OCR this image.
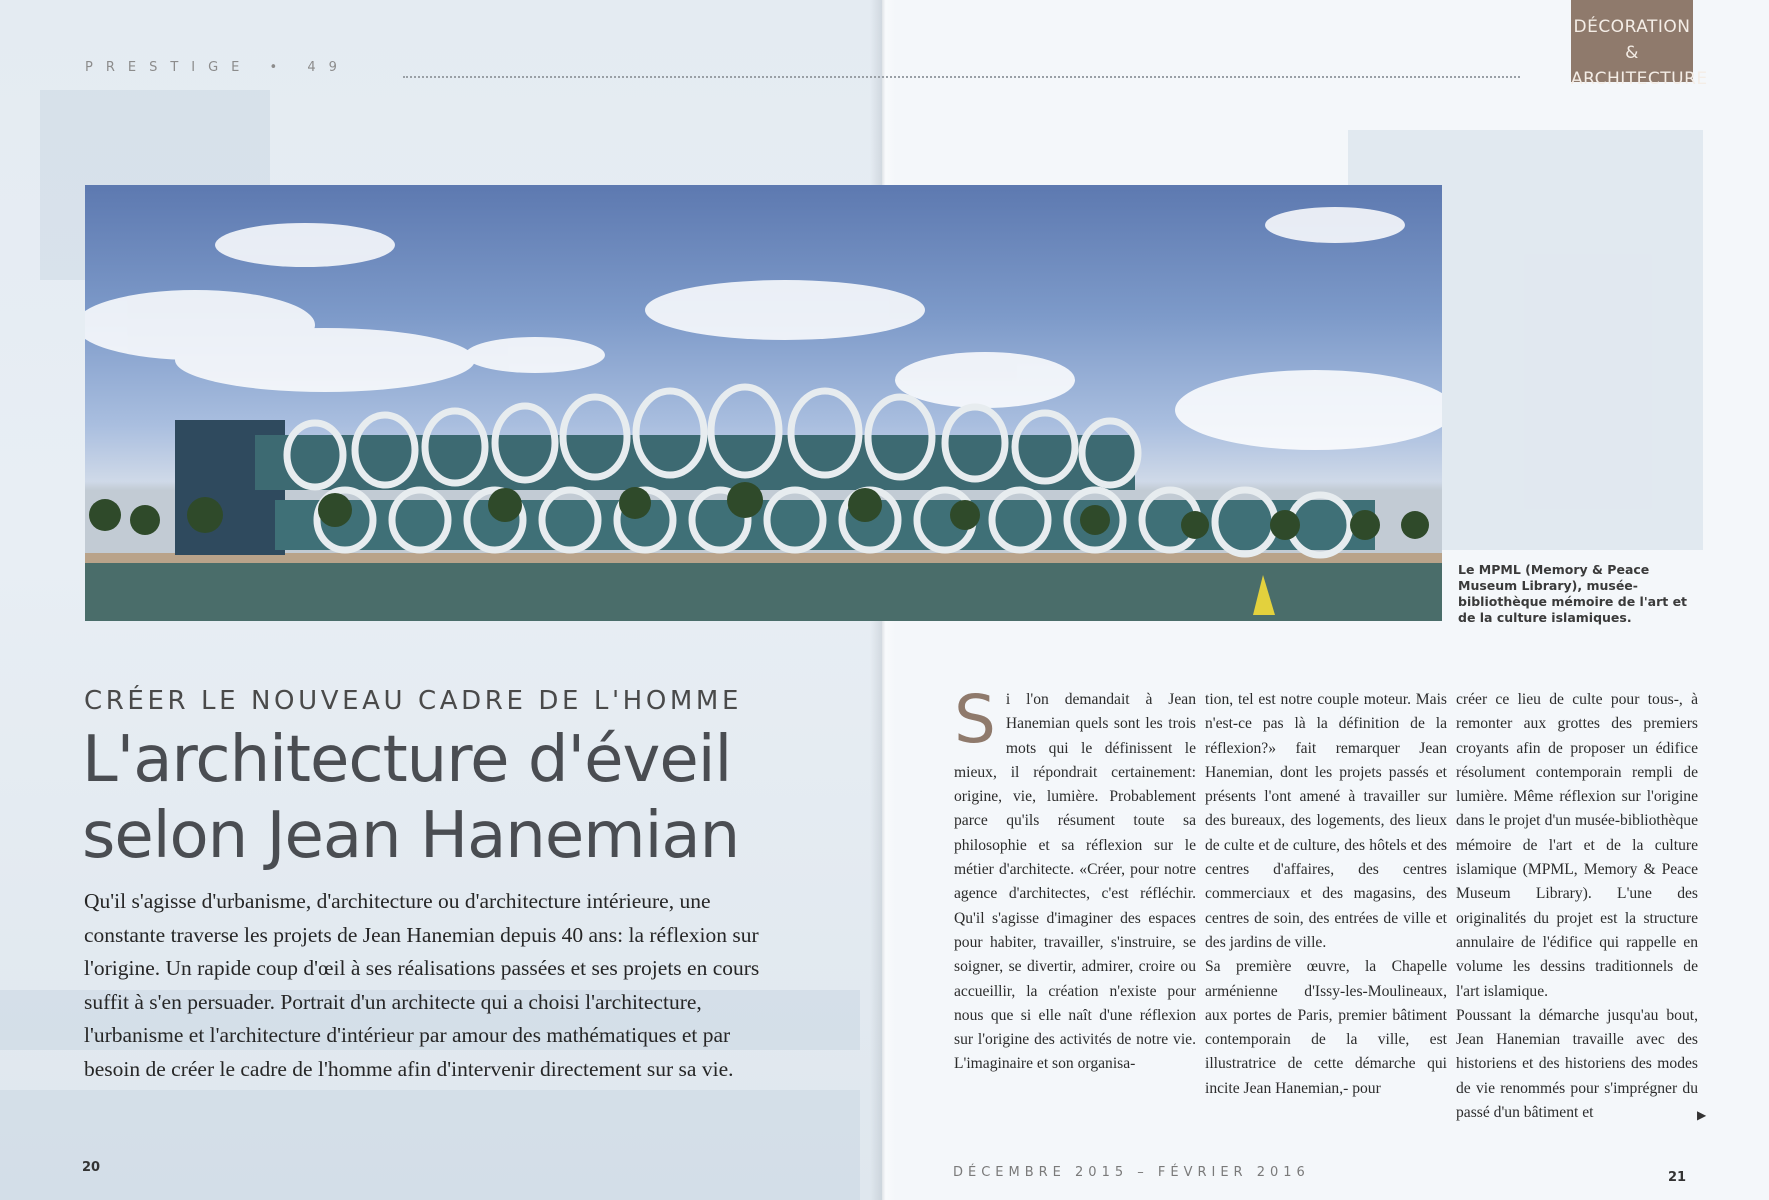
PRESTIGE • 49
DÉCORATION &
ARCHITECTURE
Le MPML (Memory & Peace Museum Library), musée-bibliothèque mémoire de l'art et de la culture islamiques.
CRÉER LE NOUVEAU CADRE DE L'HOMME
L'architecture d'éveil
selon Jean Hanemian
Qu'il s'agisse d'urbanisme, d'architecture ou d'architecture intérieure, une constante traverse les projets de Jean Hanemian depuis 40 ans: la réflexion sur l'origine. Un rapide coup d'œil à ses réalisations passées et ses projets en cours suffit à s'en persuader. Portrait d'un architecte qui a choisi l'architecture, l'urbanisme et l'architecture d'intérieur par amour des mathématiques et par besoin de créer le cadre de l'homme afin d'intervenir directement sur sa vie.
S i l'on demandait à Jean Hanemian quels sont les trois mots qui le définissent le mieux, il répondrait certainement: origine, vie, lumière. Probablement parce qu'ils résument toute sa philosophie et sa réflexion sur le métier d'architecte. «Créer, pour notre agence d'architectes, c'est réfléchir. Qu'il s'agisse d'imaginer des espaces pour habiter, travailler, s'instruire, se soigner, se divertir, admirer, croire ou accueillir, la création n'existe pour nous que si elle naît d'une réflexion sur l'origine des activités de notre vie. L'imaginaire et son organisa-

tion, tel est notre couple moteur. Mais n'est-ce pas là la définition de la réflexion?» fait remarquer Jean Hanemian, dont les projets passés et présents l'ont amené à travailler sur des bureaux, des logements, des lieux de culte et de culture, des hôtels et des centres d'affaires, des centres commerciaux et des magasins, des centres de soin, des entrées de ville et des jardins de ville.

Sa première œuvre, la Chapelle arménienne d'Issy-les-Moulineaux, aux portes de Paris, premier bâtiment contemporain de la ville, est illustratrice de cette démarche qui incite Jean Hanemian,- pour

créer ce lieu de culte pour tous-, à remonter aux grottes des premiers croyants afin de proposer un édifice résolument contemporain rempli de lumière. Même réflexion sur l'origine dans le projet d'un musée-bibliothèque mémoire de l'art et de la culture islamique (MPML, Memory & Peace Museum Library). L'une des originalités du projet est la structure annulaire de l'édifice qui rappelle en volume les dessins traditionnels de l'art islamique.

Poussant la démarche jusqu'au bout, Jean Hanemian travaille avec des historiens et des historiens des modes de vie renommés pour s'imprégner du passé d'un bâtiment et	▶
20	DÉCEMBRE 2015 – FÉVRIER 2016	21
